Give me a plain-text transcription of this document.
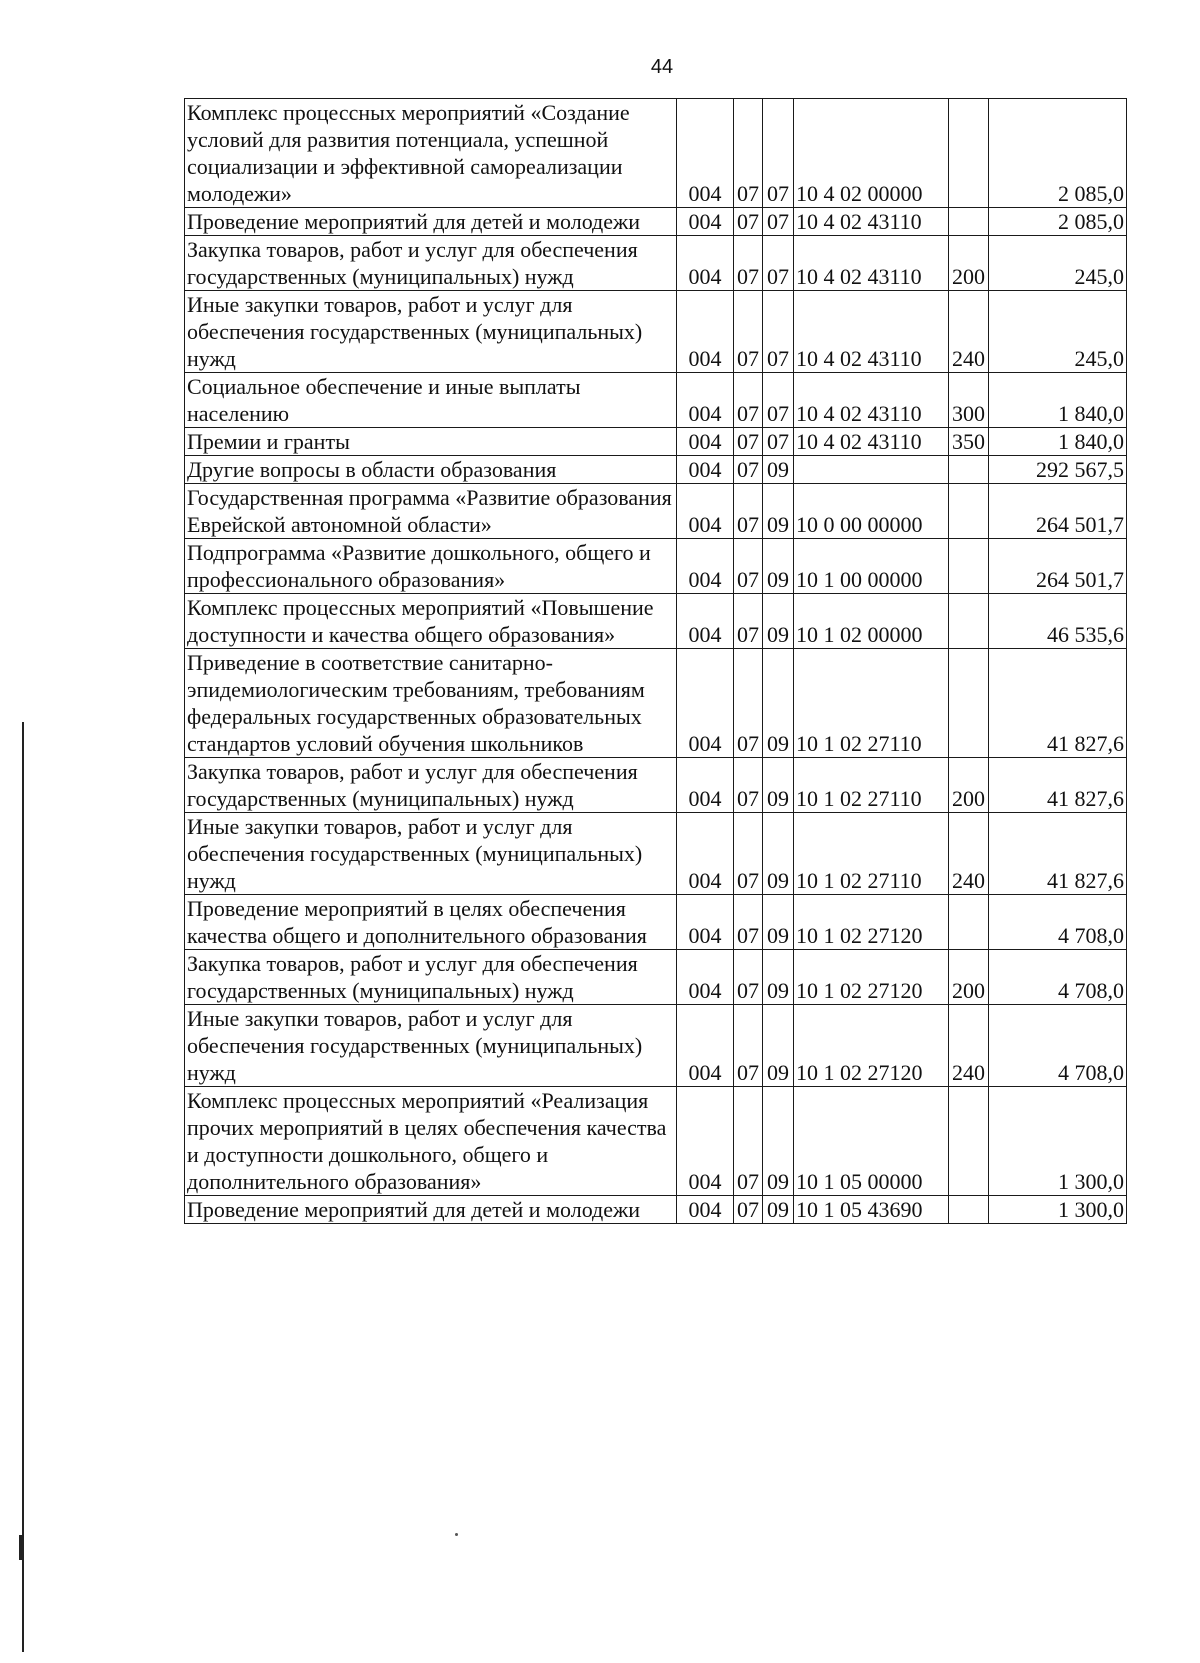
44
Комплекс процессных мероприятий «Создание условий для развития потенциала, успешной социализации и эффективной самореализации молодежи»	004	07	07	10 4 02 00000		2 085,0
Проведение мероприятий для детей и молодежи	004	07	07	10 4 02 43110		2 085,0
Закупка товаров, работ и услуг для обеспечения государственных (муниципальных) нужд	004	07	07	10 4 02 43110	200	245,0
Иные закупки товаров, работ и услуг для обеспечения государственных (муниципальных) нужд	004	07	07	10 4 02 43110	240	245,0
Социальное обеспечение и иные выплаты населению	004	07	07	10 4 02 43110	300	1 840,0
Премии и гранты	004	07	07	10 4 02 43110	350	1 840,0
Другие вопросы в области образования	004	07	09			292 567,5
Государственная программа «Развитие образования Еврейской автономной области»	004	07	09	10 0 00 00000		264 501,7
Подпрограмма «Развитие дошкольного, общего и профессионального образования»	004	07	09	10 1 00 00000		264 501,7
Комплекс процессных мероприятий «Повышение доступности и качества общего образования»	004	07	09	10 1 02 00000		46 535,6
Приведение в соответствие санитарно-эпидемиологическим требованиям, требованиям федеральных государственных образовательных стандартов условий обучения школьников	004	07	09	10 1 02 27110		41 827,6
Закупка товаров, работ и услуг для обеспечения государственных (муниципальных) нужд	004	07	09	10 1 02 27110	200	41 827,6
Иные закупки товаров, работ и услуг для обеспечения государственных (муниципальных) нужд	004	07	09	10 1 02 27110	240	41 827,6
Проведение мероприятий в целях обеспечения качества общего и дополнительного образования	004	07	09	10 1 02 27120		4 708,0
Закупка товаров, работ и услуг для обеспечения государственных (муниципальных) нужд	004	07	09	10 1 02 27120	200	4 708,0
Иные закупки товаров, работ и услуг для обеспечения государственных (муниципальных) нужд	004	07	09	10 1 02 27120	240	4 708,0
Комплекс процессных мероприятий «Реализация прочих мероприятий в целях обеспечения качества и доступности дошкольного, общего и дополнительного образования»	004	07	09	10 1 05 00000		1 300,0
Проведение мероприятий для детей и молодежи	004	07	09	10 1 05 43690		1 300,0
